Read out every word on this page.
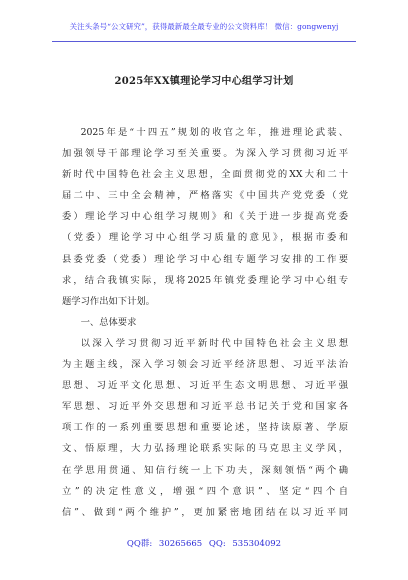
关注头条号“公文研究”，获得最新最全最专业的公文资料库！ 微信：gongwenyj
2025年XX镇理论学习中心组学习计划
2025年是“十四五”规划的收官之年，推进理论武装、
加强领导干部理论学习至关重要。为深入学习贯彻习近平
新时代中国特色社会主义思想，全面贯彻党的XX大和二十
届二中、三中全会精神，严格落实《中国共产党党委（党
委）理论学习中心组学习规则》和《关于进一步提高党委
（党委）理论学习中心组学习质量的意见》，根据市委和
县委党委（党委）理论学习中心组专题学习安排的工作要
求，结合我镇实际，现将2025年镇党委理论学习中心组专
题学习作出如下计划。
一、总体要求
以深入学习贯彻习近平新时代中国特色社会主义思想
为主题主线，深入学习领会习近平经济思想、习近平法治
思想、习近平文化思想、习近平生态文明思想、习近平强
军思想、习近平外交思想和习近平总书记关于党和国家各
项工作的一系列重要思想和重要论述，坚持读原著、学原
文、悟原理，大力弘扬理论联系实际的马克思主义学风，
在学思用贯通、知信行统一上下功夫，深刻领悟“两个确
立”的决定性意义，增强“四个意识”、坚定“四个自
信”、做到“两个维护”，更加紧密地团结在以习近平同
QQ群: 30265665 QQ: 535304092
